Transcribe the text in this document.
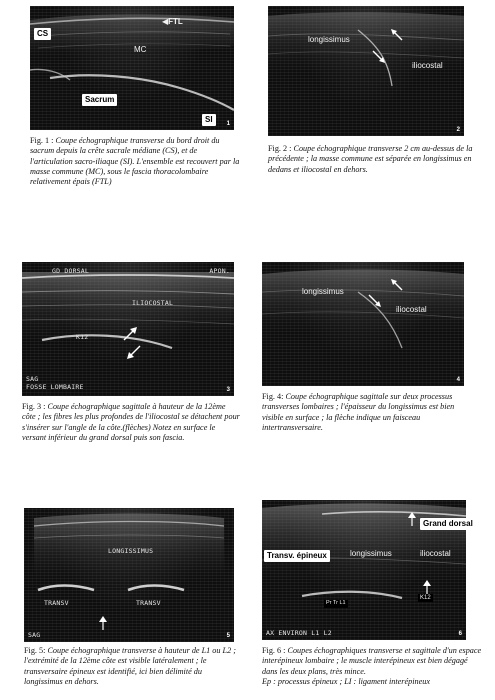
CS
◀FTL
MC
Sacrum
SI	1
Fig. 1 : Coupe échographique transverse du bord droit du sacrum depuis la crête sacrale médiane (CS), et de l'articulation sacro-iliaque (SI). L'ensemble est recouvert par la masse commune (MC), sous le fascia thoracolombaire relativement épais (FTL)
longissimus
iliocostal
2
Fig. 2 : Coupe échographique transverse 2 cm au-dessus de la précédente ; la masse commune est séparée en longissimus en dedans et iliocostal en dehors.
GD DORSAL	APON.
ILIOCOSTAL
K12
SAG
FOSSE LOMBAIRE	3
Fig. 3 : Coupe échographique sagittale à hauteur de la 12ème côte ; les fibres les plus profondes de l'iliocostal se détachent pour s'insérer sur l'angle de la côte.(flèches) Notez en surface le versant inférieur du grand dorsal puis son fascia.
longissimus
iliocostal
4
Fig. 4: Coupe échographique sagittale sur deux processus transverses lombaires ; l'épaisseur du longissimus est bien visible en surface ; la flèche indique un faisceau intertransversaire.
LONGISSIMUS
TRANSV	TRANSV
SAG	5
Fig. 5: Coupe échographique transverse à hauteur de L1 ou L2 ; l'extrémité de la 12ème côte est visible latéralement ; le transversaire épineux est identifié, ici bien délimité du longissimus en dehors.
Grand dorsal
Transv. épineux	longissimus	iliocostal
K12
Pr Tr L1
AX ENVIRON L1 L2	6
Fig. 6 : Coupes échographiques transverse et sagittale d'un espace interépineux lombaire ; le muscle interépineux est bien dégagé dans les deux plans, très mince.
Ep : processus épineux ; LI : ligament interépineux
